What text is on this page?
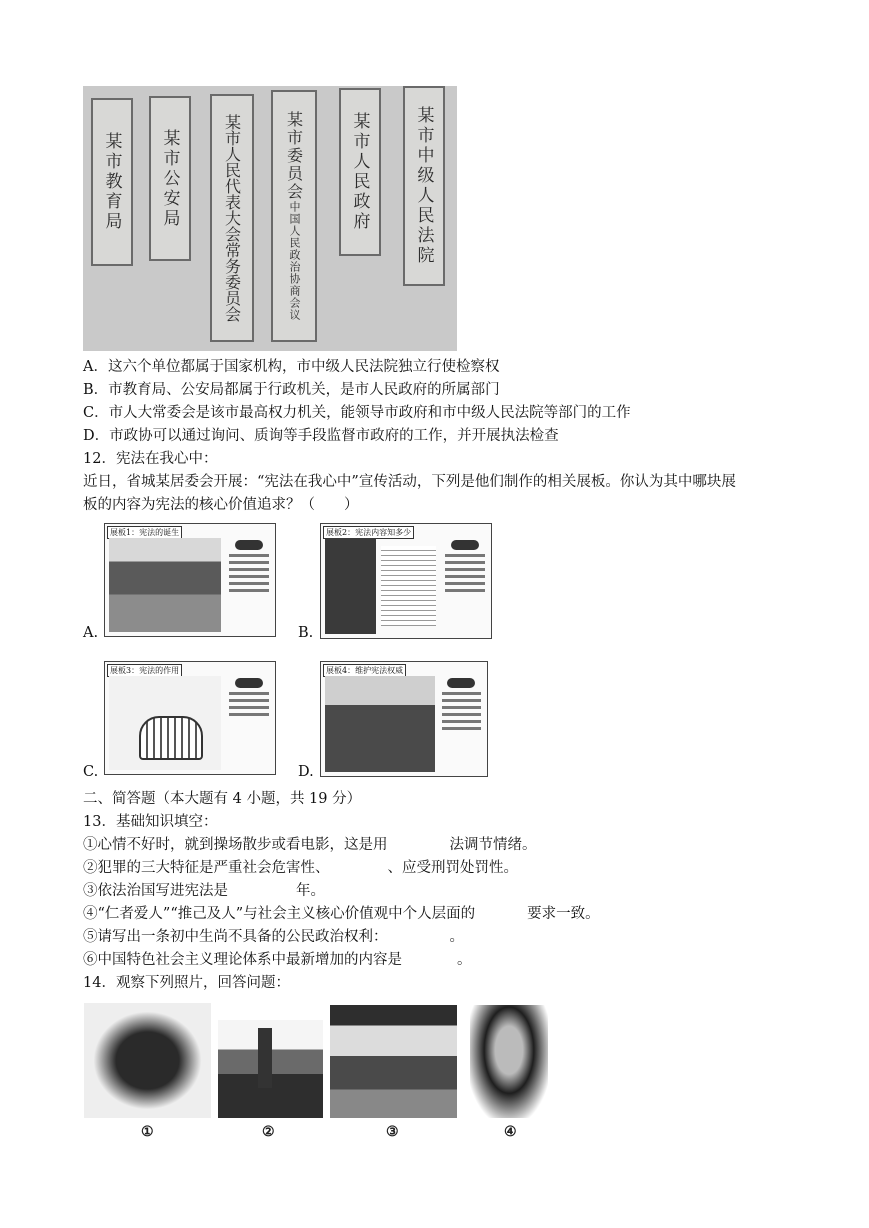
某市教育局 某市公安局	某市人民代表大会常务委员会	中国人民政治协商会议
某市委员会	某市人民政府	某市中级人民法院
A．这六个单位都属于国家机构，市中级人民法院独立行使检察权
B．市教育局、公安局都属于行政机关，是市人民政府的所属部门
C．市人大常委会是该市最高权力机关，能领导市政府和市中级人民法院等部门的工作
D．市政协可以通过询问、质询等手段监督市政府的工作，并开展执法检查
12．宪法在我心中：
近日，省城某居委会开展：“宪法在我心中”宣传活动，下列是他们制作的相关展板。你认为其中哪块展
板的内容为宪法的核心价值追求？（　　）
A.
展板1：宪法的诞生
B.
展板2：宪法内容知多少
C.
展板3：宪法的作用
D.
展板4：维护宪法权威
二、简答题（本大题有 4 小题，共 19 分）
13．基础知识填空：
①心情不好时，就到操场散步或看电影，这是用	法调节情绪。
②犯罪的三大特征是严重社会危害性、	、应受刑罚处罚性。
③依法治国写进宪法是	年。
④“仁者爱人”“推己及人”与社会主义核心价值观中个人层面的	要求一致。
⑤请写出一条初中生尚不具备的公民政治权利：	。
⑥中国特色社会主义理论体系中最新增加的内容是	。
14．观察下列照片，回答问题：
①	②	③	④
